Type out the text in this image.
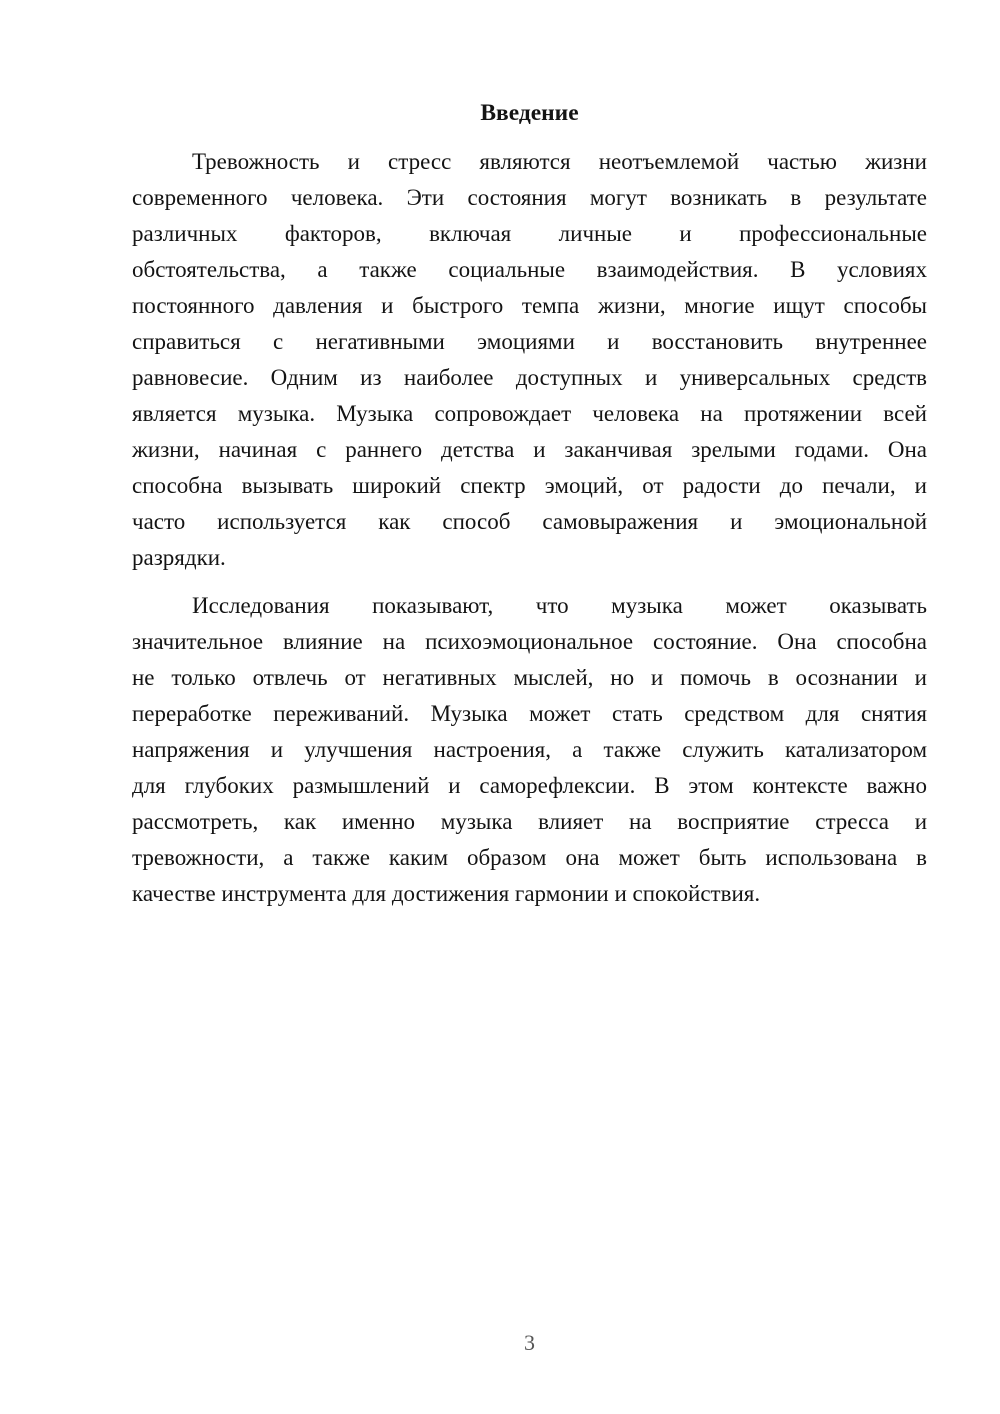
Введение
Тревожность и стресс являются неотъемлемой частью жизни
современного человека. Эти состояния могут возникать в результате
различных факторов, включая личные и профессиональные
обстоятельства, а также социальные взаимодействия. В условиях
постоянного давления и быстрого темпа жизни, многие ищут способы
справиться с негативными эмоциями и восстановить внутреннее
равновесие. Одним из наиболее доступных и универсальных средств
является музыка. Музыка сопровождает человека на протяжении всей
жизни, начиная с раннего детства и заканчивая зрелыми годами. Она
способна вызывать широкий спектр эмоций, от радости до печали, и
часто используется как способ самовыражения и эмоциональной
разрядки.
Исследования показывают, что музыка может оказывать
значительное влияние на психоэмоциональное состояние. Она способна
не только отвлечь от негативных мыслей, но и помочь в осознании и
переработке переживаний. Музыка может стать средством для снятия
напряжения и улучшения настроения, а также служить катализатором
для глубоких размышлений и саморефлексии. В этом контексте важно
рассмотреть, как именно музыка влияет на восприятие стресса и
тревожности, а также каким образом она может быть использована в
качестве инструмента для достижения гармонии и спокойствия.
3
